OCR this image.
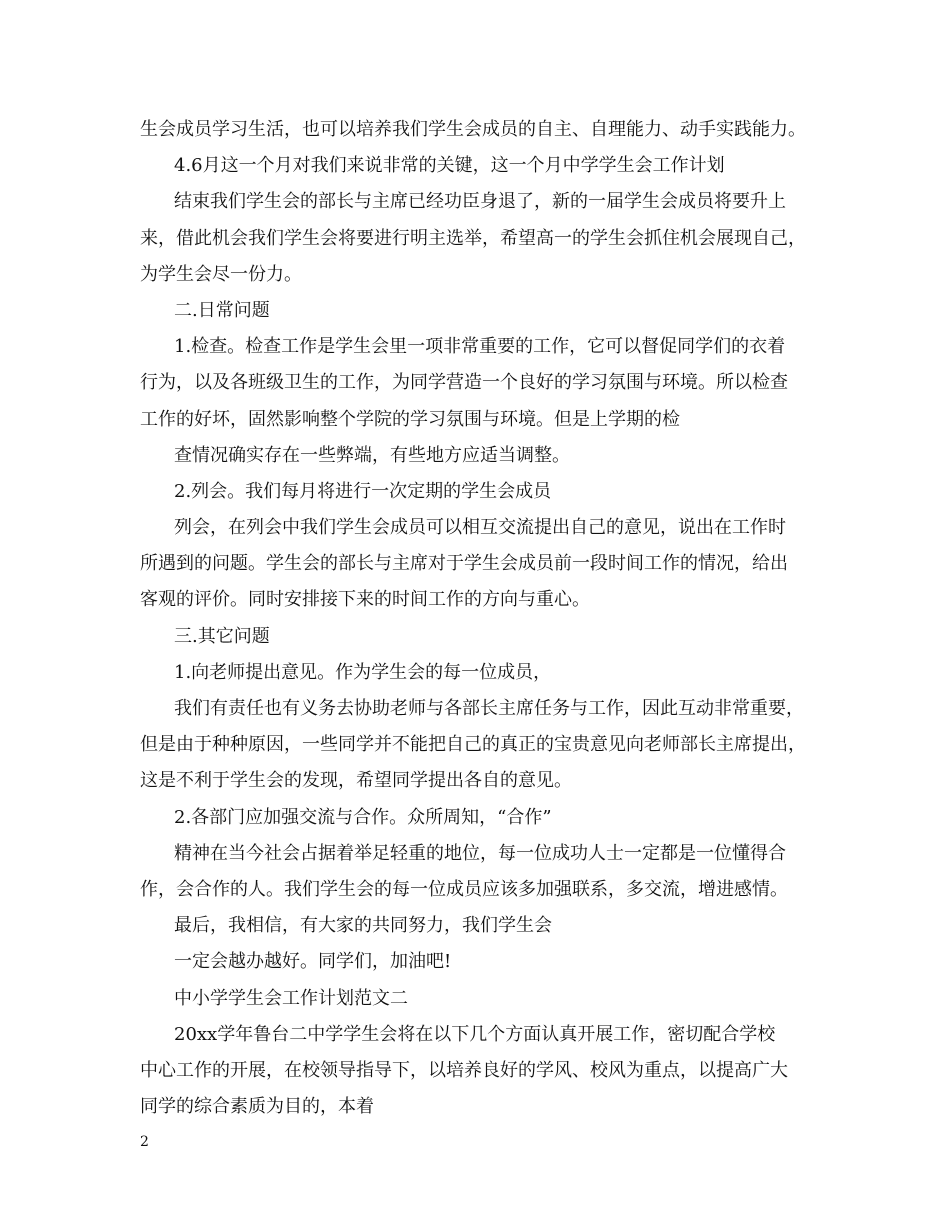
生会成员学习生活，也可以培养我们学生会成员的自主、自理能力、动手实践能力。
4.6月这一个月对我们来说非常的关键，这一个月中学学生会工作计划
结束我们学生会的部长与主席已经功臣身退了，新的一届学生会成员将要升上
来，借此机会我们学生会将要进行明主选举，希望高一的学生会抓住机会展现自己，
为学生会尽一份力。
二.日常问题
1.检查。检查工作是学生会里一项非常重要的工作，它可以督促同学们的衣着
行为，以及各班级卫生的工作，为同学营造一个良好的学习氛围与环境。所以检查
工作的好坏，固然影响整个学院的学习氛围与环境。但是上学期的检
查情况确实存在一些弊端，有些地方应适当调整。
2.列会。我们每月将进行一次定期的学生会成员
列会，在列会中我们学生会成员可以相互交流提出自己的意见，说出在工作时
所遇到的问题。学生会的部长与主席对于学生会成员前一段时间工作的情况，给出
客观的评价。同时安排接下来的时间工作的方向与重心。
三.其它问题
1.向老师提出意见。作为学生会的每一位成员，
我们有责任也有义务去协助老师与各部长主席任务与工作，因此互动非常重要，
但是由于种种原因，一些同学并不能把自己的真正的宝贵意见向老师部长主席提出，
这是不利于学生会的发现，希望同学提出各自的意见。
2.各部门应加强交流与合作。众所周知，“合作”
精神在当今社会占据着举足轻重的地位，每一位成功人士一定都是一位懂得合
作，会合作的人。我们学生会的每一位成员应该多加强联系，多交流，增进感情。
最后，我相信，有大家的共同努力，我们学生会
一定会越办越好。同学们，加油吧!
中小学学生会工作计划范文二
20xx学年鲁台二中学学生会将在以下几个方面认真开展工作，密切配合学校
中心工作的开展，在校领导指导下，以培养良好的学风、校风为重点，以提高广大
同学的综合素质为目的，本着
2
